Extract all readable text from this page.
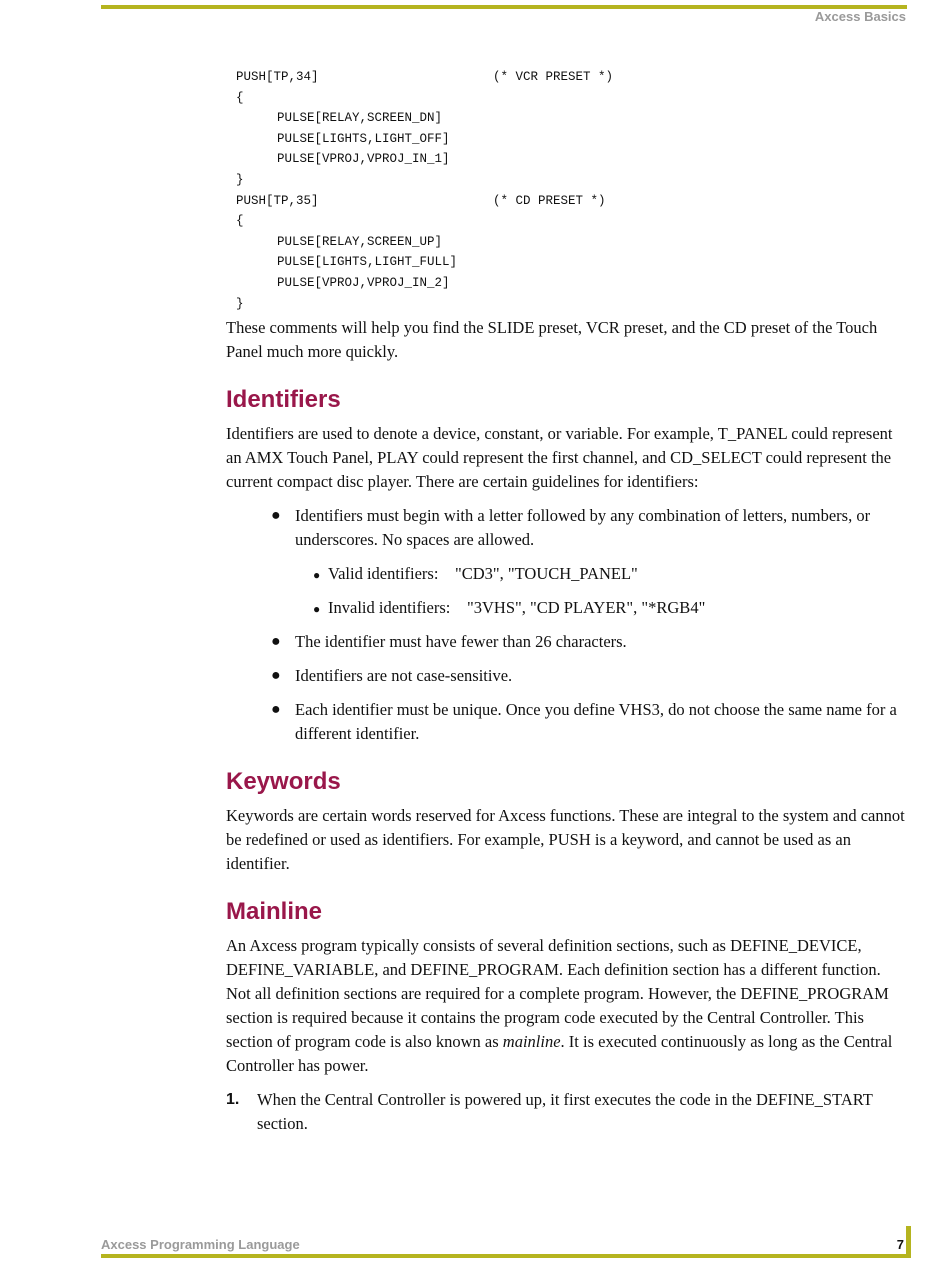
Axcess Basics
PUSH[TP,34]	(* VCR PRESET *)
{
PULSE[RELAY,SCREEN_DN]
PULSE[LIGHTS,LIGHT_OFF]
PULSE[VPROJ,VPROJ_IN_1]
}
PUSH[TP,35]	(* CD PRESET *)
{
PULSE[RELAY,SCREEN_UP]
PULSE[LIGHTS,LIGHT_FULL]
PULSE[VPROJ,VPROJ_IN_2]
}

These comments will help you find the SLIDE preset, VCR preset, and the CD preset of the Touch Panel much more quickly.

Identifiers

Identifiers are used to denote a device, constant, or variable. For example, T_PANEL could represent an AMX Touch Panel, PLAY could represent the first channel, and CD_SELECT could represent the current compact disc player. There are certain guidelines for identifiers:

● Identifiers must begin with a letter followed by any combination of letters, numbers, or underscores. No spaces are allowed.
● Valid identifiers: "CD3", "TOUCH_PANEL"
● Invalid identifiers: "3VHS", "CD PLAYER", "*RGB4"
● The identifier must have fewer than 26 characters.
● Identifiers are not case-sensitive.
● Each identifier must be unique. Once you define VHS3, do not choose the same name for a different identifier.
Keywords

Keywords are certain words reserved for Axcess functions. These are integral to the system and cannot be redefined or used as identifiers. For example, PUSH is a keyword, and cannot be used as an identifier.

Mainline

An Axcess program typically consists of several definition sections, such as DEFINE_DEVICE, DEFINE_VARIABLE, and DEFINE_PROGRAM. Each definition section has a different function. Not all definition sections are required for a complete program. However, the DEFINE_PROGRAM section is required because it contains the program code executed by the Central Controller. This section of program code is also known as mainline. It is executed continuously as long as the Central Controller has power.

1. When the Central Controller is powered up, it first executes the code in the DEFINE_START section.
Axcess Programming Language	7
